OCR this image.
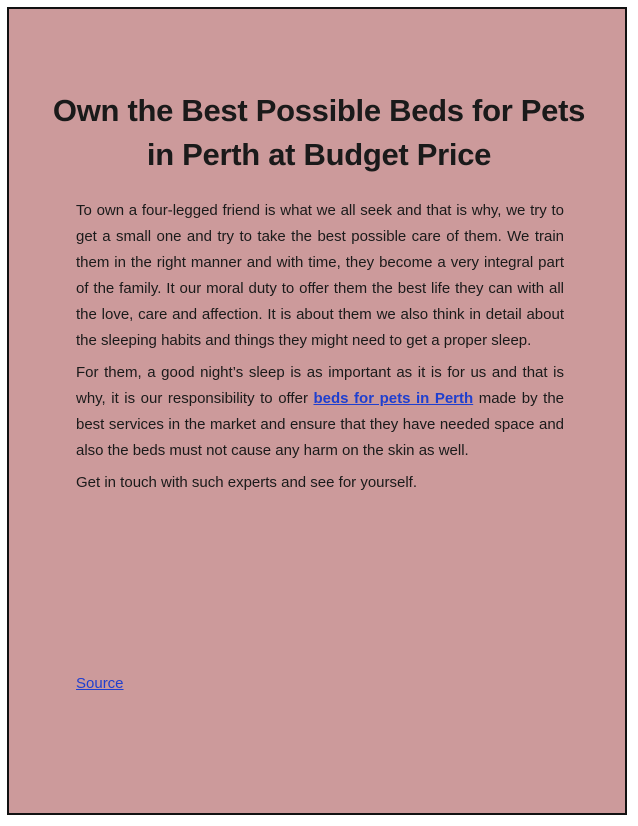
Own the Best Possible Beds for Pets in Perth at Budget Price

To own a four-legged friend is what we all seek and that is why, we try to get a small one and try to take the best possible care of them. We train them in the right manner and with time, they become a very integral part of the family. It our moral duty to offer them the best life they can with all the love, care and affection. It is about them we also think in detail about the sleeping habits and things they might need to get a proper sleep.

For them, a good night’s sleep is as important as it is for us and that is why, it is our responsibility to offer beds for pets in Perth made by the best services in the market and ensure that they have needed space and also the beds must not cause any harm on the skin as well.

Get in touch with such experts and see for yourself.

Source
